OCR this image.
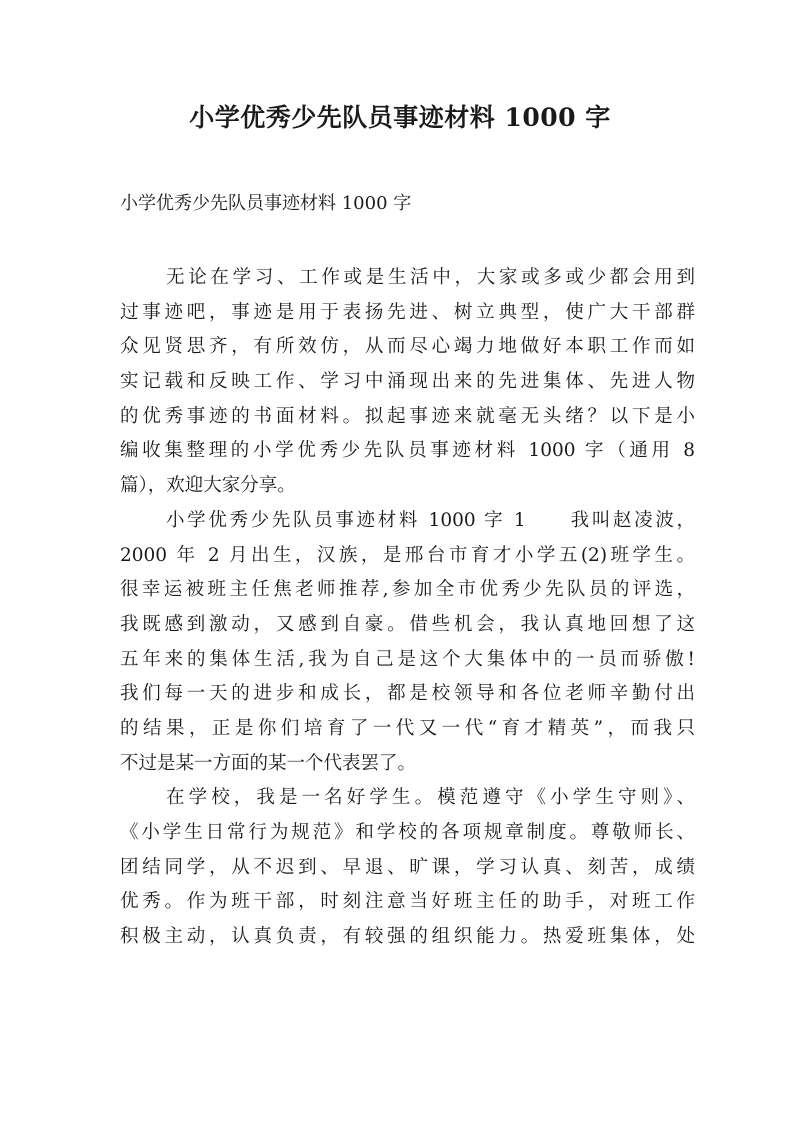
小学优秀少先队员事迹材料 1000 字

小学优秀少先队员事迹材料 1000 字

无论在学习、工作或是生活中，大家或多或少都会用到
过事迹吧，事迹是用于表扬先进、树立典型，使广大干部群
众见贤思齐，有所效仿，从而尽心竭力地做好本职工作而如
实记载和反映工作、学习中涌现出来的先进集体、先进人物
的优秀事迹的书面材料。拟起事迹来就毫无头绪？以下是小
编收集整理的小学优秀少先队员事迹材料 1000 字（通用 8
篇），欢迎大家分享。
小学优秀少先队员事迹材料 1000 字 1　　我叫赵凌波，
2000 年 2 月出生，汉族，是邢台市育才小学五(2)班学生。
很幸运被班主任焦老师推荐,参加全市优秀少先队员的评选，
我既感到激动，又感到自豪。借些机会，我认真地回想了这
五年来的集体生活,我为自己是这个大集体中的一员而骄傲!
我们每一天的进步和成长，都是校领导和各位老师辛勤付出
的结果，正是你们培育了一代又一代“育才精英”，而我只
不过是某一方面的某一个代表罢了。
在学校，我是一名好学生。模范遵守《小学生守则》、
《小学生日常行为规范》和学校的各项规章制度。尊敬师长、
团结同学，从不迟到、早退、旷课，学习认真、刻苦，成绩
优秀。作为班干部，时刻注意当好班主任的助手，对班工作
积极主动，认真负责，有较强的组织能力。热爱班集体，处
